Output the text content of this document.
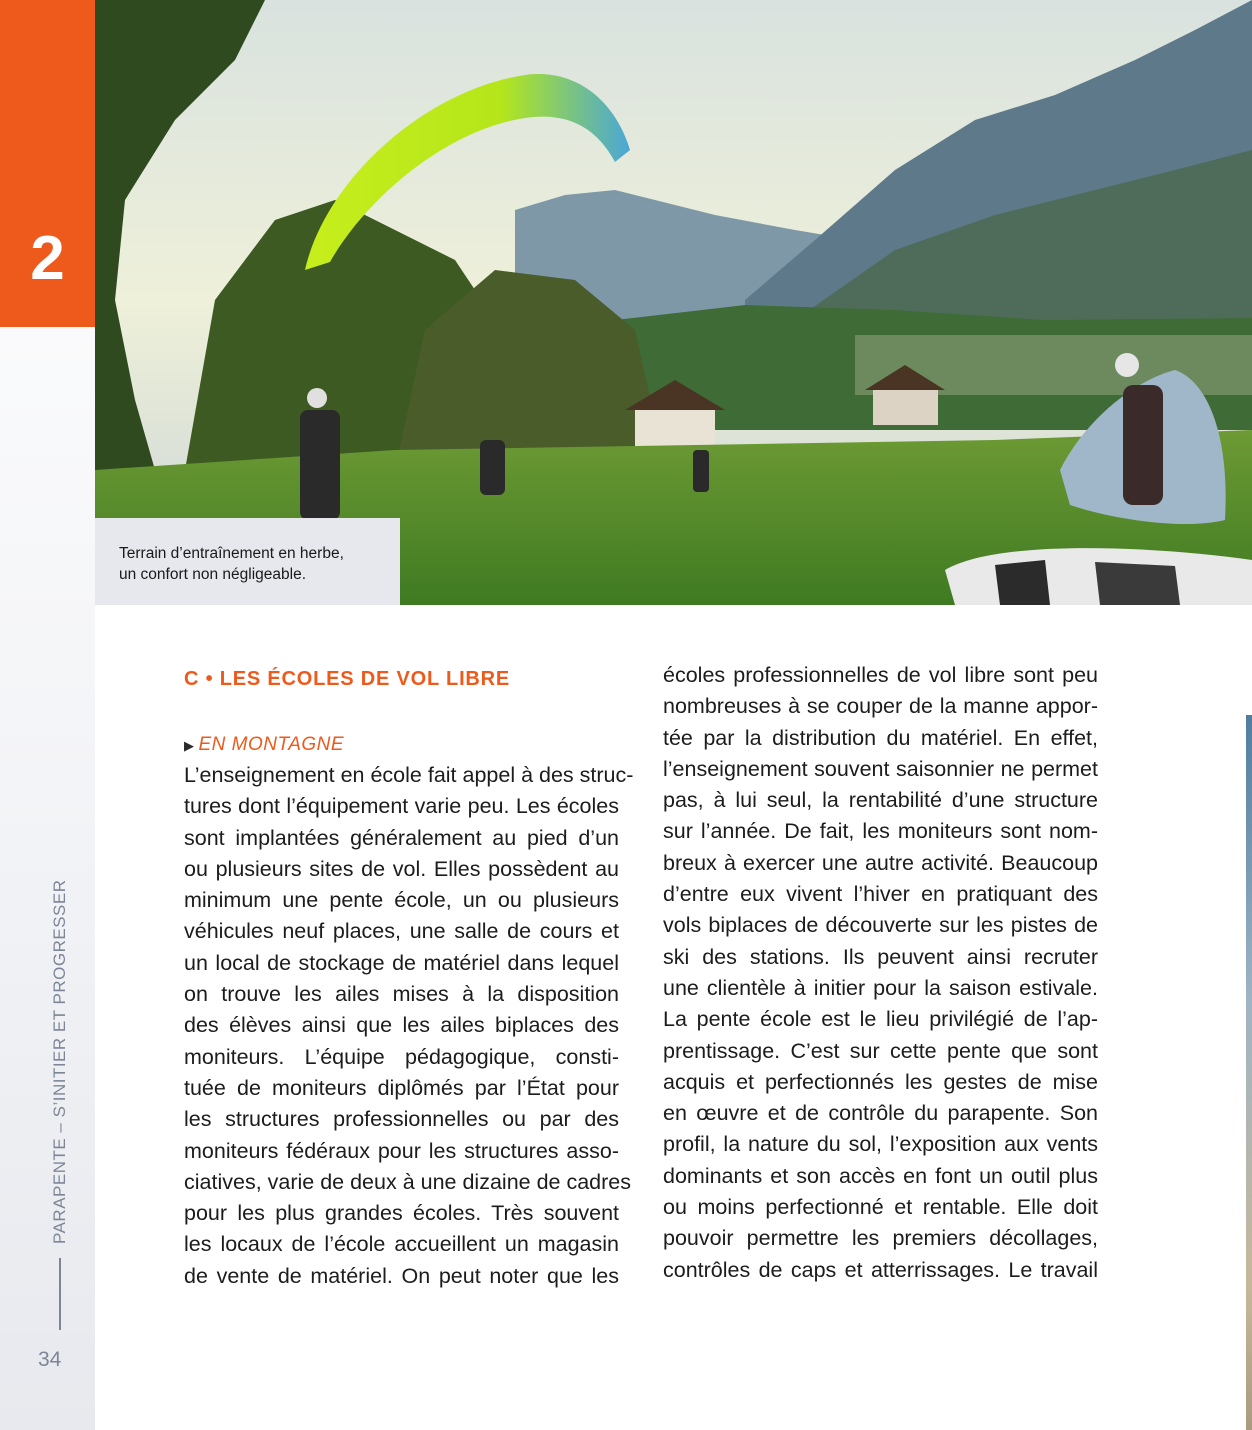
2
PARAPENTE – S’INITIER ET PROGRESSER
34
Terrain d’entraînement en herbe,
un confort non négligeable.
C • LES ÉCOLES DE VOL LIBRE
▶ EN MONTAGNE
L’enseignement en école fait appel à des struc-
tures dont l’équipement varie peu. Les écoles
sont implantées généralement au pied d’un
ou plusieurs sites de vol. Elles possèdent au
minimum une pente école, un ou plusieurs
véhicules neuf places, une salle de cours et
un local de stockage de matériel dans lequel
on trouve les ailes mises à la disposition
des élèves ainsi que les ailes biplaces des
moniteurs. L’équipe pédagogique, consti-
tuée de moniteurs diplômés par l’État pour
les structures professionnelles ou par des
moniteurs fédéraux pour les structures asso-
ciatives, varie de deux à une dizaine de cadres
pour les plus grandes écoles. Très souvent
les locaux de l’école accueillent un magasin
de vente de matériel. On peut noter que les
écoles professionnelles de vol libre sont peu
nombreuses à se couper de la manne appor-
tée par la distribution du matériel. En effet,
l’enseignement souvent saisonnier ne permet
pas, à lui seul, la rentabilité d’une structure
sur l’année. De fait, les moniteurs sont nom-
breux à exercer une autre activité. Beaucoup
d’entre eux vivent l’hiver en pratiquant des
vols biplaces de découverte sur les pistes de
ski des stations. Ils peuvent ainsi recruter
une clientèle à initier pour la saison estivale.
La pente école est le lieu privilégié de l’ap-
prentissage. C’est sur cette pente que sont
acquis et perfectionnés les gestes de mise
en œuvre et de contrôle du parapente. Son
profil, la nature du sol, l’exposition aux vents
dominants et son accès en font un outil plus
ou moins perfectionné et rentable. Elle doit
pouvoir permettre les premiers décollages,
contrôles de caps et atterrissages. Le travail
